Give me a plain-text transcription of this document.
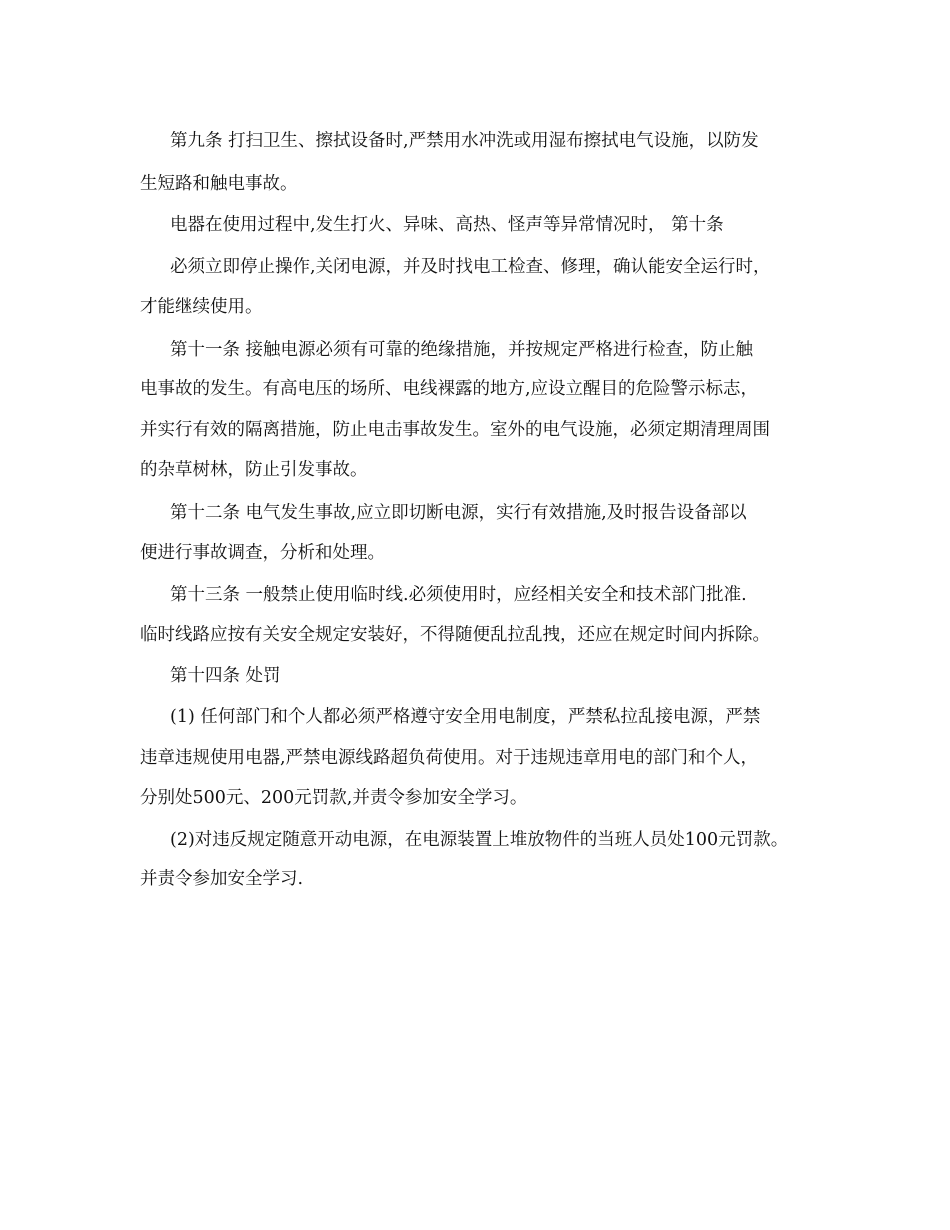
第九条 打扫卫生、擦拭设备时,严禁用水冲洗或用湿布擦拭电气设施，以防发
生短路和触电事故。
电器在使用过程中,发生打火、异味、高热、怪声等异常情况时， 第十条
必须立即停止操作,关闭电源，并及时找电工检查、修理，确认能安全运行时，
才能继续使用。
第十一条 接触电源必须有可靠的绝缘措施，并按规定严格进行检查，防止触
电事故的发生。有高电压的场所、电线裸露的地方,应设立醒目的危险警示标志，
并实行有效的隔离措施，防止电击事故发生。室外的电气设施，必须定期清理周围
的杂草树林，防止引发事故。
第十二条 电气发生事故,应立即切断电源，实行有效措施,及时报告设备部以
便进行事故调查，分析和处理。
第十三条 一般禁止使用临时线.必须使用时，应经相关安全和技术部门批准.
临时线路应按有关安全规定安装好，不得随便乱拉乱拽，还应在规定时间内拆除。
第十四条 处罚
(1) 任何部门和个人都必须严格遵守安全用电制度，严禁私拉乱接电源，严禁
违章违规使用电器,严禁电源线路超负荷使用。对于违规违章用电的部门和个人，
分别处500元、200元罚款,并责令参加安全学习。
(2)对违反规定随意开动电源，在电源装置上堆放物件的当班人员处100元罚款。
并责令参加安全学习.
